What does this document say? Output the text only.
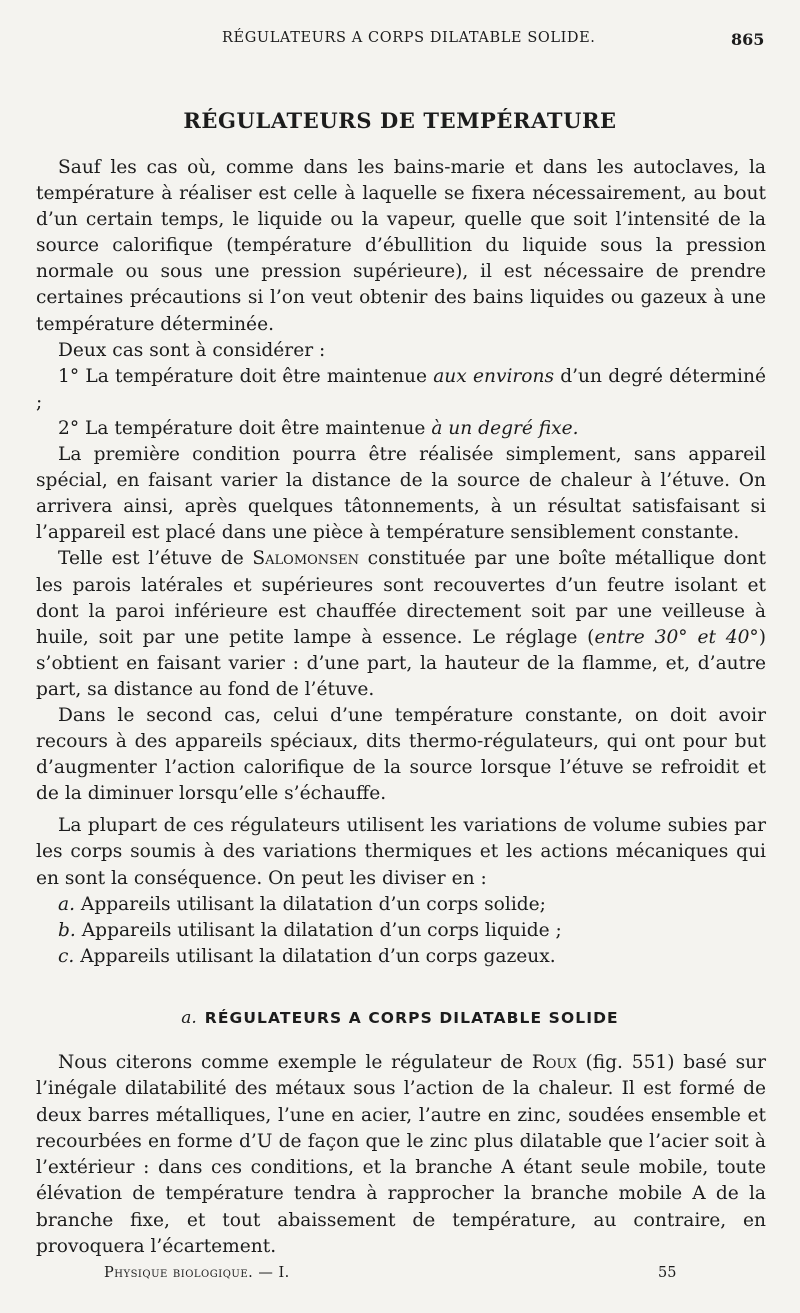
RÉGULATEURS A CORPS DILATABLE SOLIDE.	865
RÉGULATEURS DE TEMPÉRATURE

Sauf les cas où, comme dans les bains-marie et dans les autoclaves, la température à réaliser est celle à laquelle se fixera nécessairement, au bout d’un certain temps, le liquide ou la vapeur, quelle que soit l’intensité de la source calorifique (température d’ébullition du liquide sous la pression normale ou sous une pression supérieure), il est nécessaire de prendre certaines précautions si l’on veut obtenir des bains liquides ou gazeux à une température déterminée.

Deux cas sont à considérer :

1° La température doit être maintenue aux environs d’un degré déterminé ;

2° La température doit être maintenue à un degré fixe.

La première condition pourra être réalisée simplement, sans appareil spécial, en faisant varier la distance de la source de chaleur à l’étuve. On arrivera ainsi, après quelques tâtonnements, à un résultat satisfaisant si l’appareil est placé dans une pièce à température sensiblement constante.

Telle est l’étuve de Salomonsen constituée par une boîte métallique dont les parois latérales et supérieures sont recouvertes d’un feutre isolant et dont la paroi inférieure est chauffée directement soit par une veilleuse à huile, soit par une petite lampe à essence. Le réglage (entre 30° et 40°) s’obtient en faisant varier : d’une part, la hauteur de la flamme, et, d’autre part, sa distance au fond de l’étuve.

Dans le second cas, celui d’une température constante, on doit avoir recours à des appareils spéciaux, dits thermo-régulateurs, qui ont pour but d’augmenter l’action calorifique de la source lorsque l’étuve se refroidit et de la diminuer lorsqu’elle s’échauffe.

La plupart de ces régulateurs utilisent les variations de volume subies par les corps soumis à des variations thermiques et les actions mécaniques qui en sont la conséquence. On peut les diviser en :

a. Appareils utilisant la dilatation d’un corps solide;

b. Appareils utilisant la dilatation d’un corps liquide ;

c. Appareils utilisant la dilatation d’un corps gazeux.

a. RÉGULATEURS A CORPS DILATABLE SOLIDE

Nous citerons comme exemple le régulateur de Roux (fig. 551) basé sur l’inégale dilatabilité des métaux sous l’action de la chaleur. Il est formé de deux barres métalliques, l’une en acier, l’autre en zinc, soudées ensemble et recourbées en forme d’U de façon que le zinc plus dilatable que l’acier soit à l’extérieur : dans ces conditions, et la branche A étant seule mobile, toute élévation de température tendra à rapprocher la branche mobile A de la branche fixe, et tout abaissement de température, au contraire, en provoquera l’écartement.

Physique biologique. — I.	55
